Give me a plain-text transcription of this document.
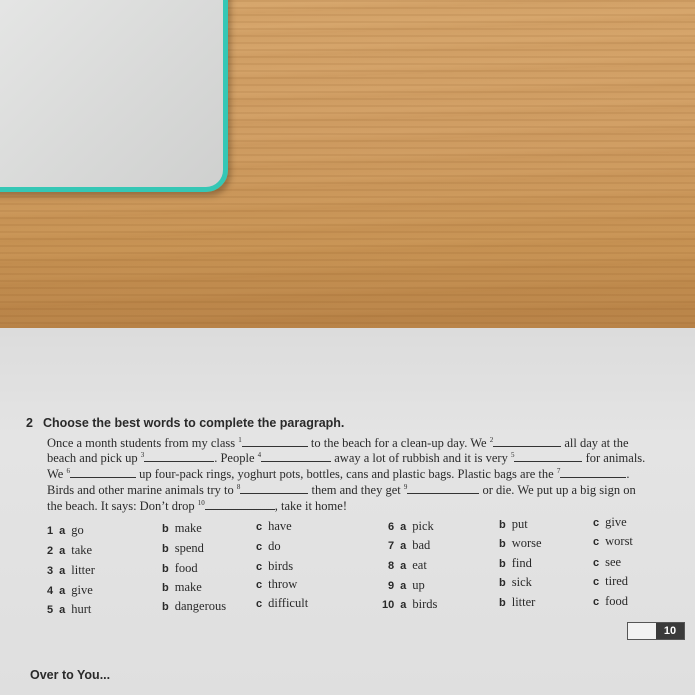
2 Choose the best words to complete the paragraph.
Once a month students from my class $^1$	to the beach for a clean-up day. We $^2$	all day at the
beach and pick up $^3$	. People $^4$	away a lot of rubbish and it is very $^5$	for animals.
We $^6$	up four-pack rings, yoghurt pots, bottles, cans and plastic bags. Plastic bags are the $^7$	.
Birds and other marine animals try to $^8$	them and they get $^9$	or die. We put up a big sign on
the beach. It says: Don’t drop $^{10}$	, take it home!
1 a go	b make	c have
2 a take	b spend	c do
3 a litter	b food	c birds
4 a give	b make	c throw
5 a hurt	b dangerous	c difficult
6 a pick	b put	c give
7 a bad	b worse	c worst
8 a eat	b find	c see
9 a up	b sick	c tired
10 a birds	b litter	c food
10
Over to You...
